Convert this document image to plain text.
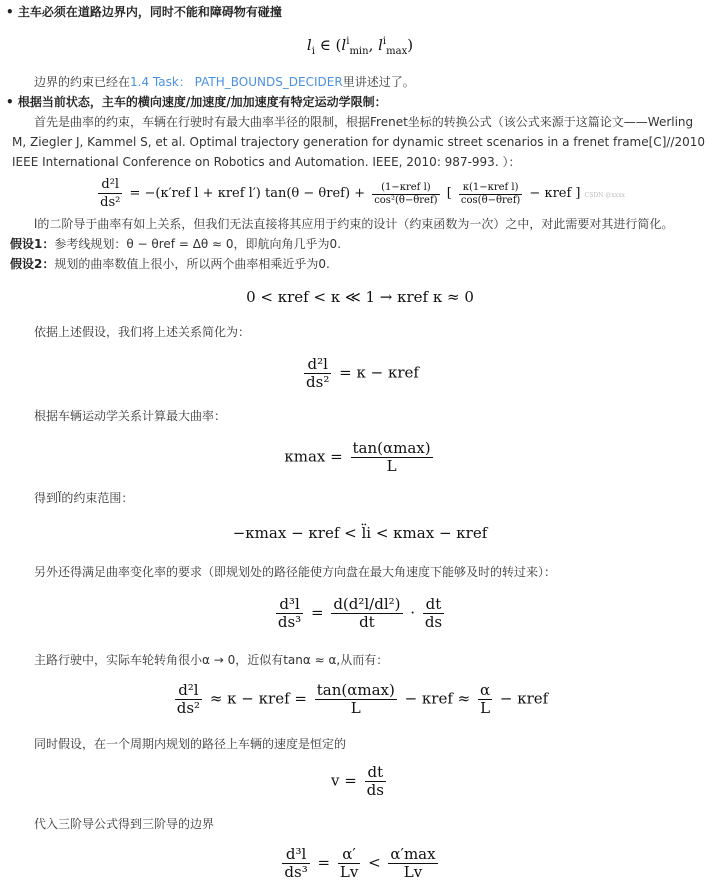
• 主车必须在道路边界内，同时不能和障碍物有碰撞
$l_i$ ∈ ($l^i_{min}$, $l^i_{max}$)
边界的约束已经在1.4 Task： PATH_BOUNDS_DECIDER里讲述过了。
• 根据当前状态，主车的横向速度/加速度/加加速度有特定运动学限制：
首先是曲率的约束，车辆在行驶时有最大曲率半径的限制，根据Frenet坐标的转换公式（该公式来源于这篇论文——Werling M, Ziegler J, Kammel S, et al. Optimal trajectory generation for dynamic street scenarios in a frenet frame[C]//2010 IEEE International Conference on Robotics and Automation. IEEE, 2010: 987-993. ）：
$\frac{\text{d²l}}{\text{ds²}} = -(\kappa'ref$ l + κref l′) $\tan(\theta - \theta ref) + \frac{\text{(1−κref l)}}{\text{cos²(θ−θref)}}$ [ $\frac{\text{κ(1−κref l)}}{\text{cos(θ−θref)}} - \kappa ref$ ] CSDN @xxxx
l的二阶导于曲率有如上关系，但我们无法直接将其应用于约束的设计（约束函数为一次）之中，对此需要对其进行简化。
假设1：参考线规划：θ − θref = Δθ ≈ 0，即航向角几乎为0.
假设2：规划的曲率数值上很小，所以两个曲率相乘近乎为0.
0 < κref < κ ≪ 1 → κref κ ≈ 0
依据上述假设，我们将上述关系简化为：
$\frac{\text{d²l}}{\text{ds²}} = \kappa - \kappa ref$
根据车辆运动学关系计算最大曲率：
$\kappa\max = \frac{\tan(\alpha\max)}{L}$
得到l̈的约束范围：
−κmax − κref < l̈i < κmax − κref
另外还得满足曲率变化率的要求（即规划处的路径能使方向盘在最大角速度下能够及时的转过来）：
$\frac{\text{d³l}}{\text{ds³}} = \frac{\text{d(d²l/dl²)}}{dt} \cdot \frac{dt}{ds}$
主路行驶中，实际车轮转角很小α → 0，近似有tanα ≈ α,从而有：
$\frac{\text{d²l}}{\text{ds²}} \approx \kappa - \kappa ref = \frac{\tan(\alpha\max)}{L} - \kappa ref \approx \frac{\alpha}{L} - \kappa ref$
同时假设，在一个周期内规划的路径上车辆的速度是恒定的
$v = \frac{dt}{ds}$
代入三阶导公式得到三阶导的边界
$\frac{\text{d³l}}{\text{ds³}} = \frac{\alpha'}{Lv} < \frac{\alpha'\max}{Lv}$
